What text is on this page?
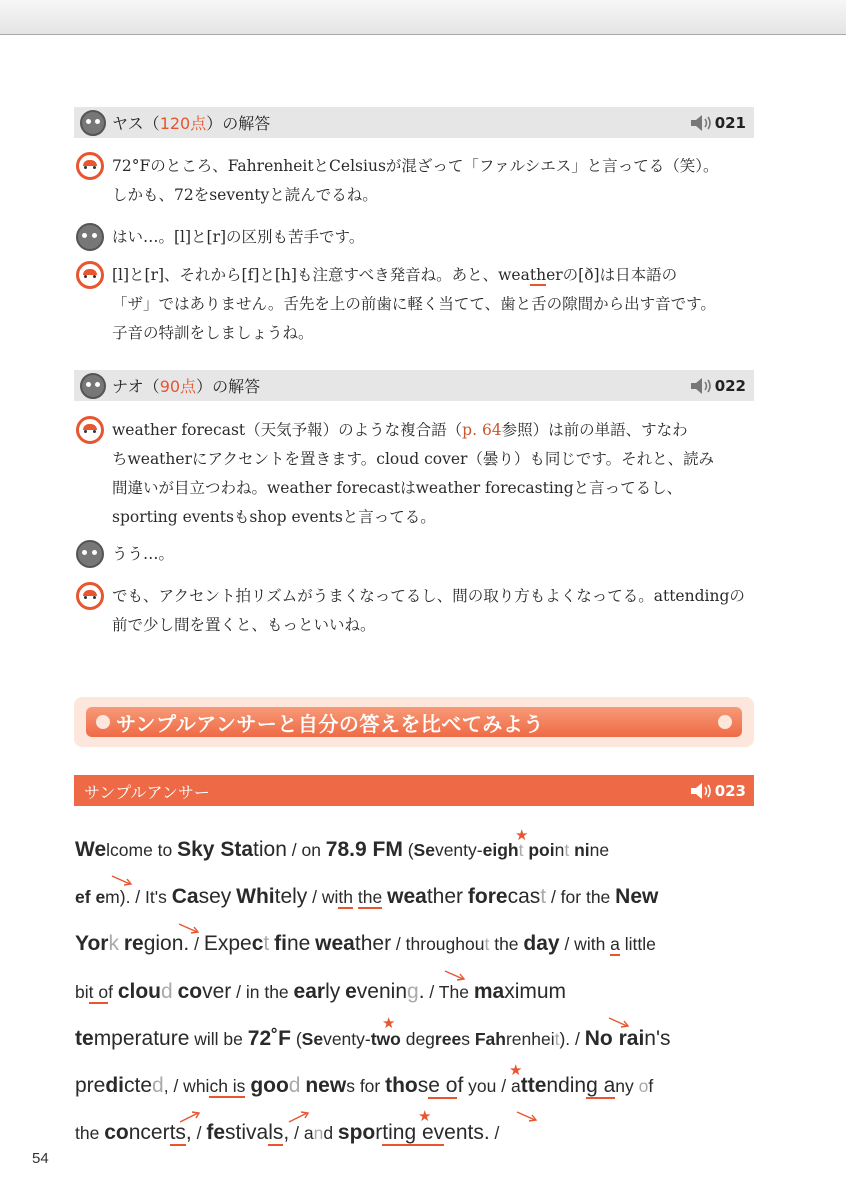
ヤス（120点）の解答	021
72°Fのところ、FahrenheitとCelsiusが混ざって「ファルシエス」と言ってる（笑）。
しかも、72をseventyと読んでるね。
はい…。[l]と[r]の区別も苦手です。
[l]と[r]、それから[f]と[h]も注意すべき発音ね。あと、weatherの[ð]は日本語の
「ザ」ではありません。舌先を上の前歯に軽く当てて、歯と舌の隙間から出す音です。
子音の特訓をしましょうね。
ナオ（90点）の解答	022
weather forecast（天気予報）のような複合語（p. 64参照）は前の単語、すなわ
ちweatherにアクセントを置きます。cloud cover（曇り）も同じです。それと、読み
間違いが目立つわね。weather forecastはweather forecastingと言ってるし、
sporting eventsもshop eventsと言ってる。
うう…。
でも、アクセント拍リズムがうまくなってるし、間の取り方もよくなってる。attendingの
前で少し間を置くと、もっといいね。
サンプルアンサーと自分の答えを比べてみよう
サンプルアンサー	023
Welcome to Sky Station / on 78.9 FM (Seventy-eight point nine
ef em). / It's Casey Whitely / with the weather forecast / for the New
York region. / Expect fine weather / throughout the day / with a little
bit of cloud cover / in the early evening. / The maximum
temperature will be 72˚F (Seventy-two degrees Fahrenheit). / No rain's
predicted, / which is good news for those of you / attending any of
the concerts, / festivals, / and sporting events. /
★
★
★
★
54
